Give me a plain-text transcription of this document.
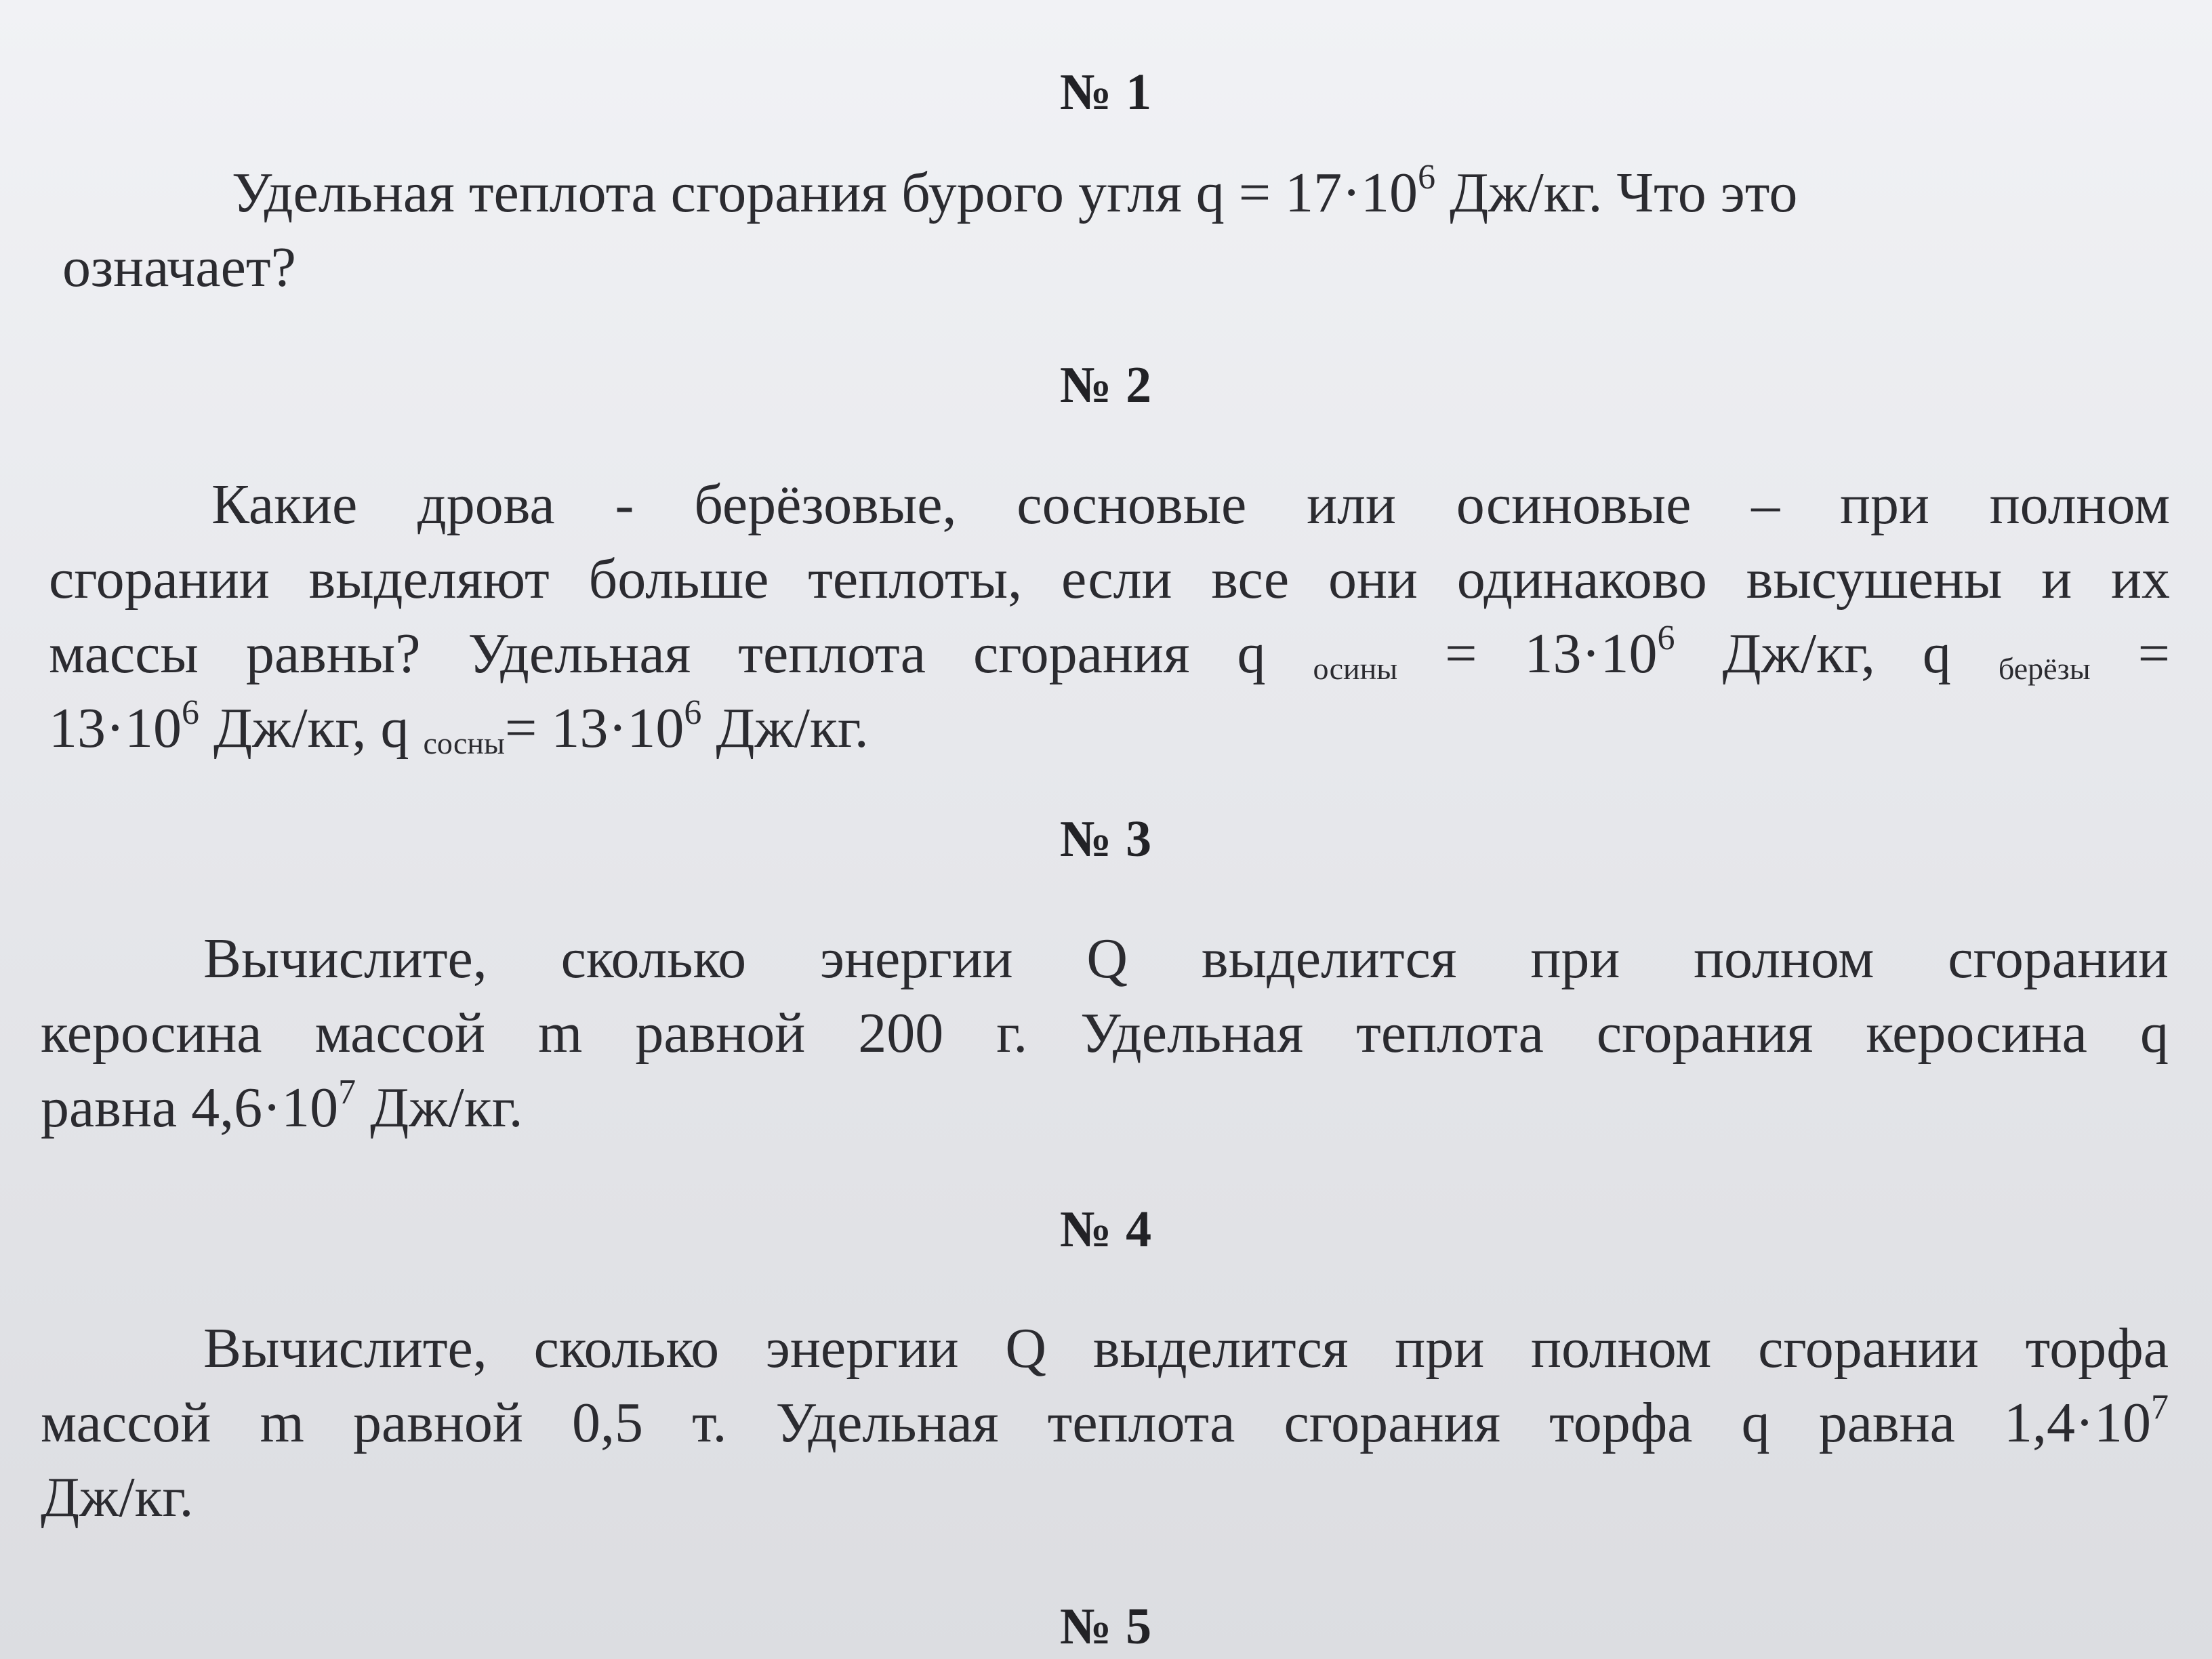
№ 1
Удельная теплота сгорания бурого угля $q = 17\cdot 10^6$ Дж/кг. Что это
означает?
№ 2
Какие дрова - берёзовые, сосновые или осиновые – при полном
сгорании выделяют больше теплоты, если все они одинаково высушены и их
массы равны? Удельная теплота сгорания q $_{осины} = 13\cdot 10^6$ Дж/кг, q $_{берёзы}$ =
$13\cdot 10^6$ Дж/кг, q $_{сосны}= 13\cdot 10^6$ Дж/кг.
№ 3
Вычислите, сколько энергии Q выделится при полном сгорании
керосина массой m равной 200 г. Удельная теплота сгорания керосина q
равна $4,6\cdot 10^7$ Дж/кг.
№ 4
Вычислите, сколько энергии Q выделится при полном сгорании торфа
массой m равной 0,5 т. Удельная теплота сгорания торфа q равна $1,4\cdot 10^7$
Дж/кг.
№ 5
